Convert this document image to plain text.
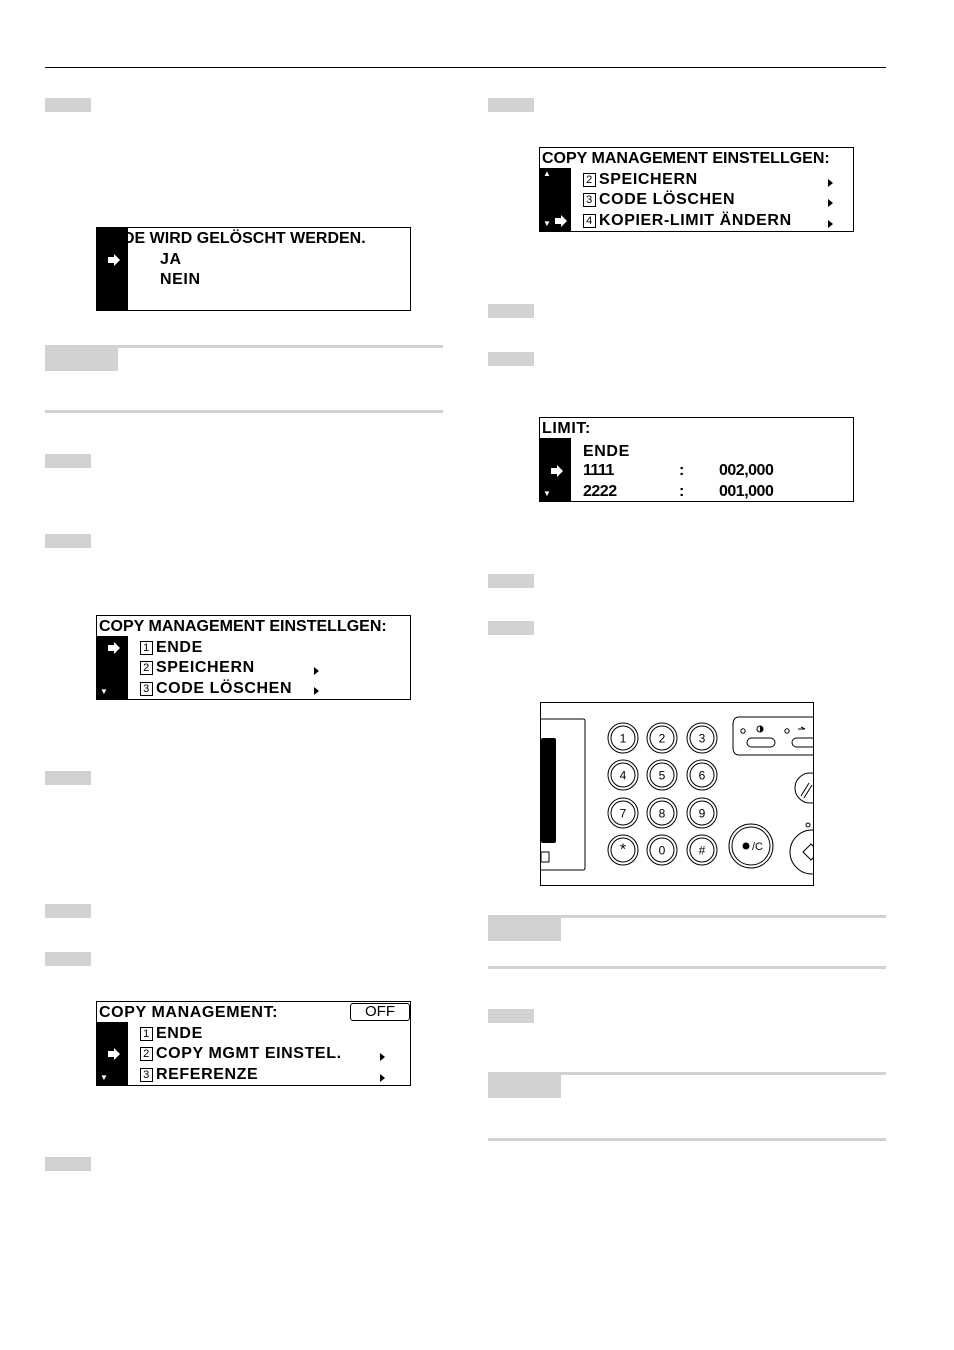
CODE WIRD GELÖSCHT WERDEN.
JA
NEIN
COPY MANAGEMENT EINSTELLGEN:
1 ENDE
2 SPEICHERN
3 CODE LÖSCHEN
▼
COPY MANAGEMENT:	OFF
1 ENDE
2 COPY MGMT EINSTEL.
3 REFERENZE
▼
COPY MANAGEMENT EINSTELLGEN:
▲
2 SPEICHERN
3 CODE LÖSCHEN
▼	4 KOPIER-LIMIT ÄNDERN
LIMIT:
ENDE
1111	: 002,000
2222	: 001,000
▼
/C
1	2	3
4	5	6
7	8	9
*	0	#
